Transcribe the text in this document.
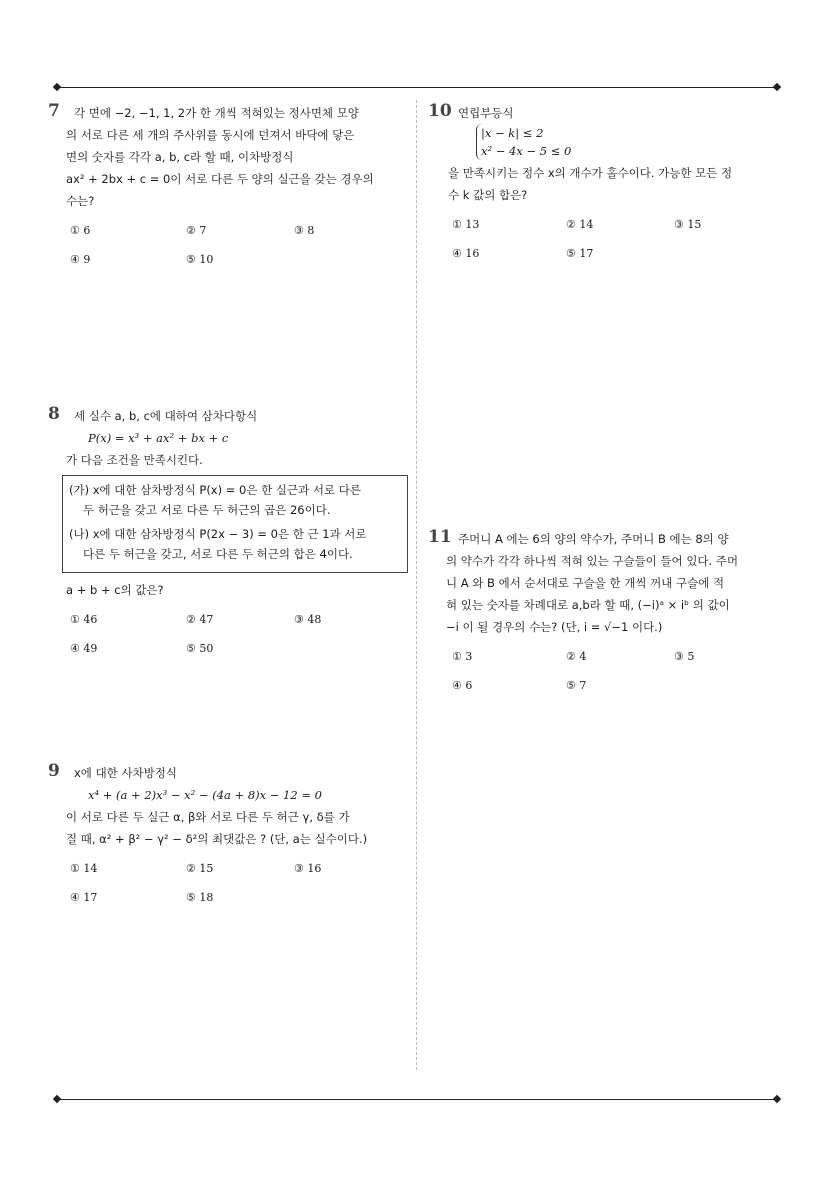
7	각 면에 −2, −1, 1, 2가 한 개씩 적혀있는 정사면체 모양
의 서로 다른 세 개의 주사위를 동시에 던져서 바닥에 닿은
면의 숫자를 각각 a, b, c라 할 때, 이차방정식
ax² + 2bx + c = 0이 서로 다른 두 양의 실근을 갖는 경우의
수는?
① 6	② 7	③ 8
④ 9	⑤ 10
8	세 실수 a, b, c에 대하여 삼차다항식
P(x) = x³ + ax² + bx + c
가 다음 조건을 만족시킨다.
(가) x에 대한 삼차방정식 P(x) = 0은 한 실근과 서로 다른
두 허근을 갖고 서로 다른 두 허근의 곱은 26이다.
(나) x에 대한 삼차방정식 P(2x − 3) = 0은 한 근 1과 서로
다른 두 허근을 갖고, 서로 다른 두 허근의 합은 4이다.
a + b + c의 값은?
① 46	② 47	③ 48
④ 49	⑤ 50
9	x에 대한 사차방정식
x⁴ + (a + 2)x³ − x² − (4a + 8)x − 12 = 0
이 서로 다른 두 실근 α, β와 서로 다른 두 허근 γ, δ를 가
질 때, α² + β² − γ² − δ²의 최댓값은 ? (단, a는 실수이다.)
① 14	② 15	③ 16
④ 17	⑤ 18
10 연립부등식
|x − k| ≤ 2
x² − 4x − 5 ≤ 0
을 만족시키는 정수 x의 개수가 홀수이다. 가능한 모든 정
수 k 값의 합은?
① 13	② 14	③ 15
④ 16	⑤ 17
11 주머니 A 에는 6의 양의 약수가, 주머니 B 에는 8의 양
의 약수가 각각 하나씩 적혀 있는 구슬들이 들어 있다. 주머
니 A 와 B 에서 순서대로 구슬을 한 개씩 꺼내 구슬에 적
혀 있는 숫자를 차례대로 a,b라 할 때, (−i)ᵃ × iᵇ 의 값이
−i 이 될 경우의 수는? (단, i = √−1 이다.)
① 3	② 4	③ 5
④ 6	⑤ 7
